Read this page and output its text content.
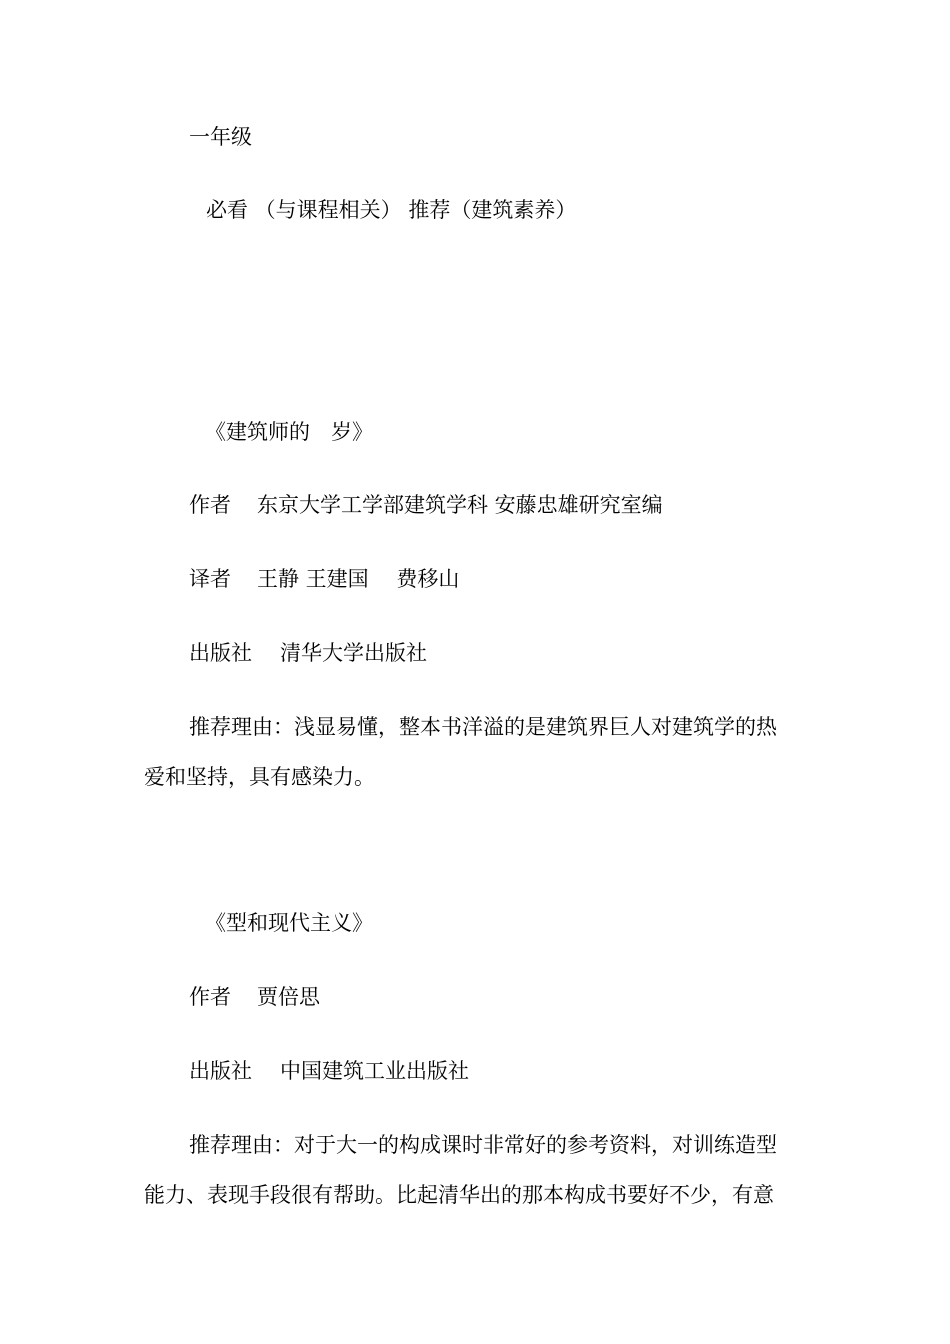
一年级
必看 （与课程相关） 推荐（建筑素养）
《建筑师的　岁》
作者 东京大学工学部建筑学科 安藤忠雄研究室编
译者 王静 王建国　 费移山
出版社 清华大学出版社
推荐理由：浅显易懂，整本书洋溢的是建筑界巨人对建筑学的热
爱和坚持，具有感染力。
《型和现代主义》
作者 贾倍思
出版社 中国建筑工业出版社
推荐理由：对于大一的构成课时非常好的参考资料，对训练造型
能力、表现手段很有帮助。比起清华出的那本构成书要好不少，有意
